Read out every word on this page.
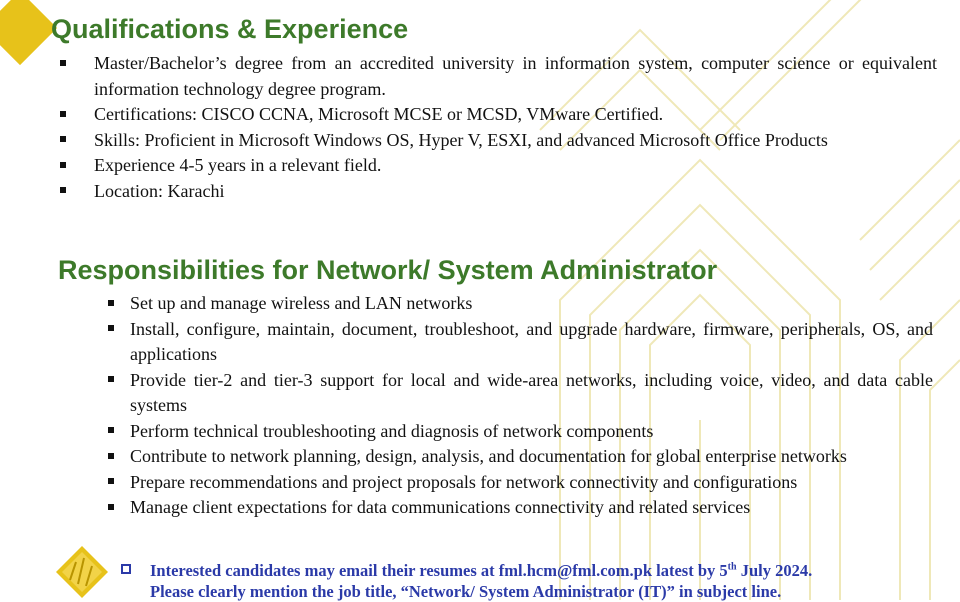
Qualifications & Experience
Master/Bachelor’s degree from an accredited university in information system, computer science or equivalent information technology degree program.
Certifications: CISCO CCNA, Microsoft MCSE or MCSD, VMware Certified.
Skills: Proficient in Microsoft Windows OS, Hyper V, ESXI, and advanced Microsoft Office Products
Experience 4-5 years in a relevant field.
Location: Karachi
Responsibilities for Network/ System Administrator
Set up and manage wireless and LAN networks
Install, configure, maintain, document, troubleshoot, and upgrade hardware, firmware, peripherals, OS, and applications
Provide tier-2 and tier-3 support for local and wide-area networks, including voice, video, and data cable systems
Perform technical troubleshooting and diagnosis of network components
Contribute to network planning, design, analysis, and documentation for global enterprise networks
Prepare recommendations and project proposals for network connectivity and configurations
Manage client expectations for data communications connectivity and related services
Interested candidates may email their resumes at fml.hcm@fml.com.pk latest by 5th July 2024.
Please clearly mention the job title, “Network/ System Administrator (IT)” in subject line.
